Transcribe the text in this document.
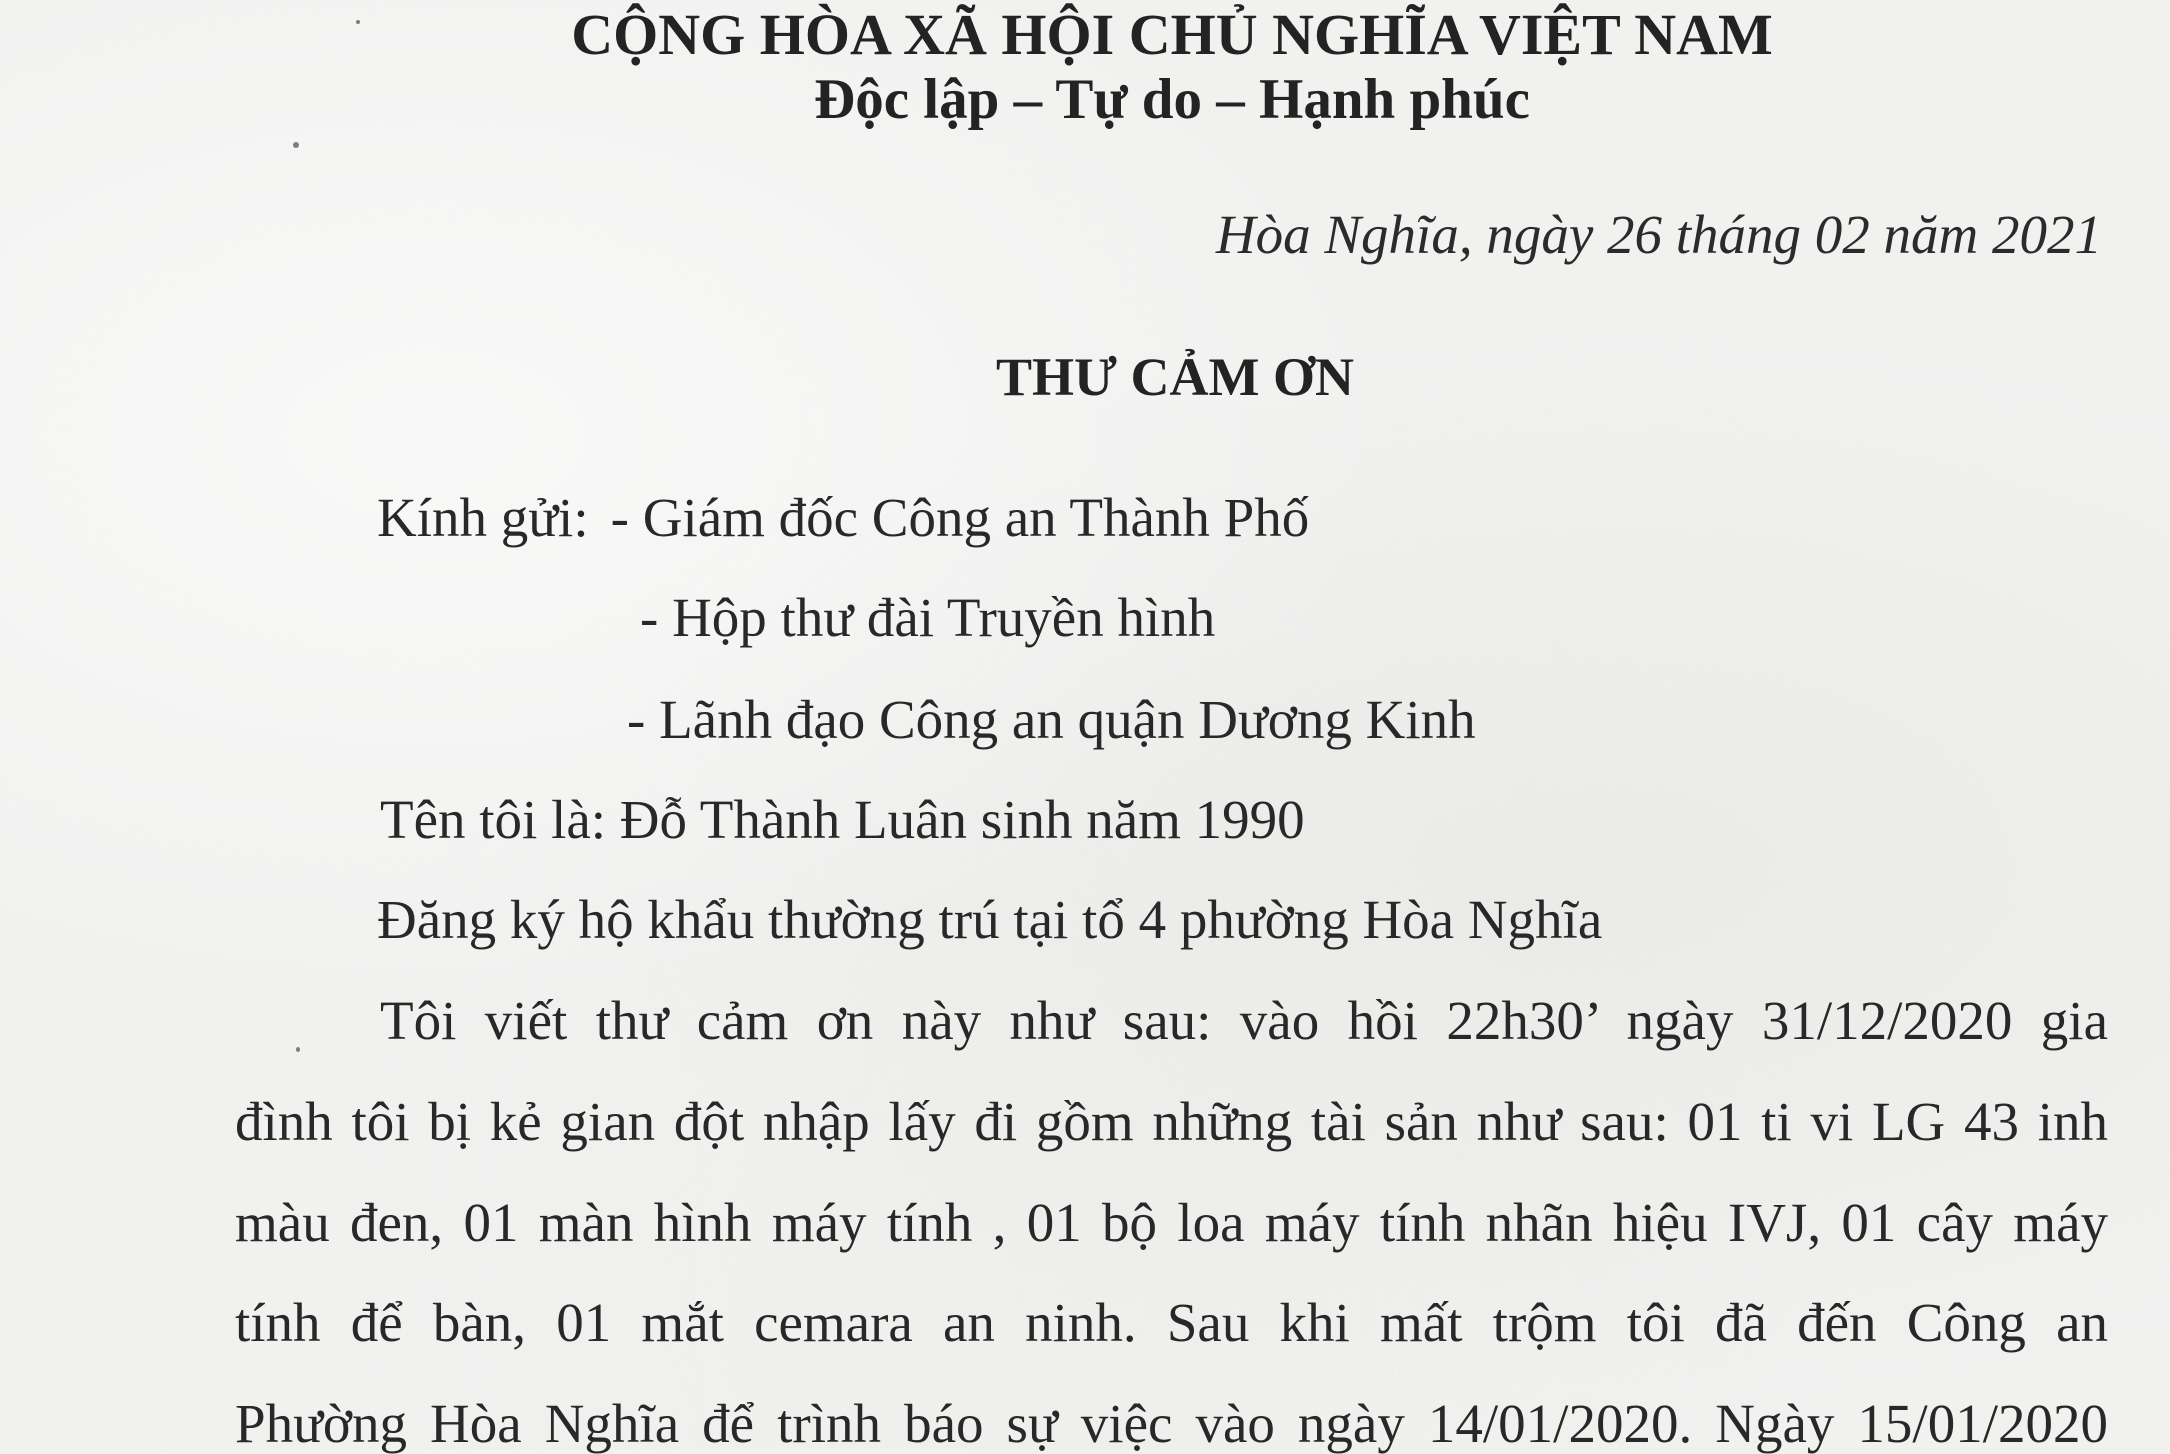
CỘNG HÒA XÃ HỘI CHỦ NGHĨA VIỆT NAM
Độc lập – Tự do – Hạnh phúc
Hòa Nghĩa, ngày 26 tháng 02 năm 2021
THƯ CẢM ƠN
Kính gửi: - Giám đốc Công an Thành Phố
- Hộp thư đài Truyền hình
- Lãnh đạo Công an quận Dương Kinh
Tên tôi là: Đỗ Thành Luân sinh năm 1990
Đăng ký hộ khẩu thường trú tại tổ 4 phường Hòa Nghĩa
Tôi viết thư cảm ơn này như sau: vào hồi 22h30’ ngày 31/12/2020 gia
đình tôi bị kẻ gian đột nhập lấy đi gồm những tài sản như sau: 01 ti vi LG 43 inh
màu đen, 01 màn hình máy tính , 01 bộ loa máy tính nhãn hiệu IVJ, 01 cây máy
tính để bàn, 01 mắt cemara an ninh. Sau khi mất trộm tôi đã đến Công an
Phường Hòa Nghĩa để trình báo sự việc vào ngày 14/01/2020. Ngày 15/01/2020
